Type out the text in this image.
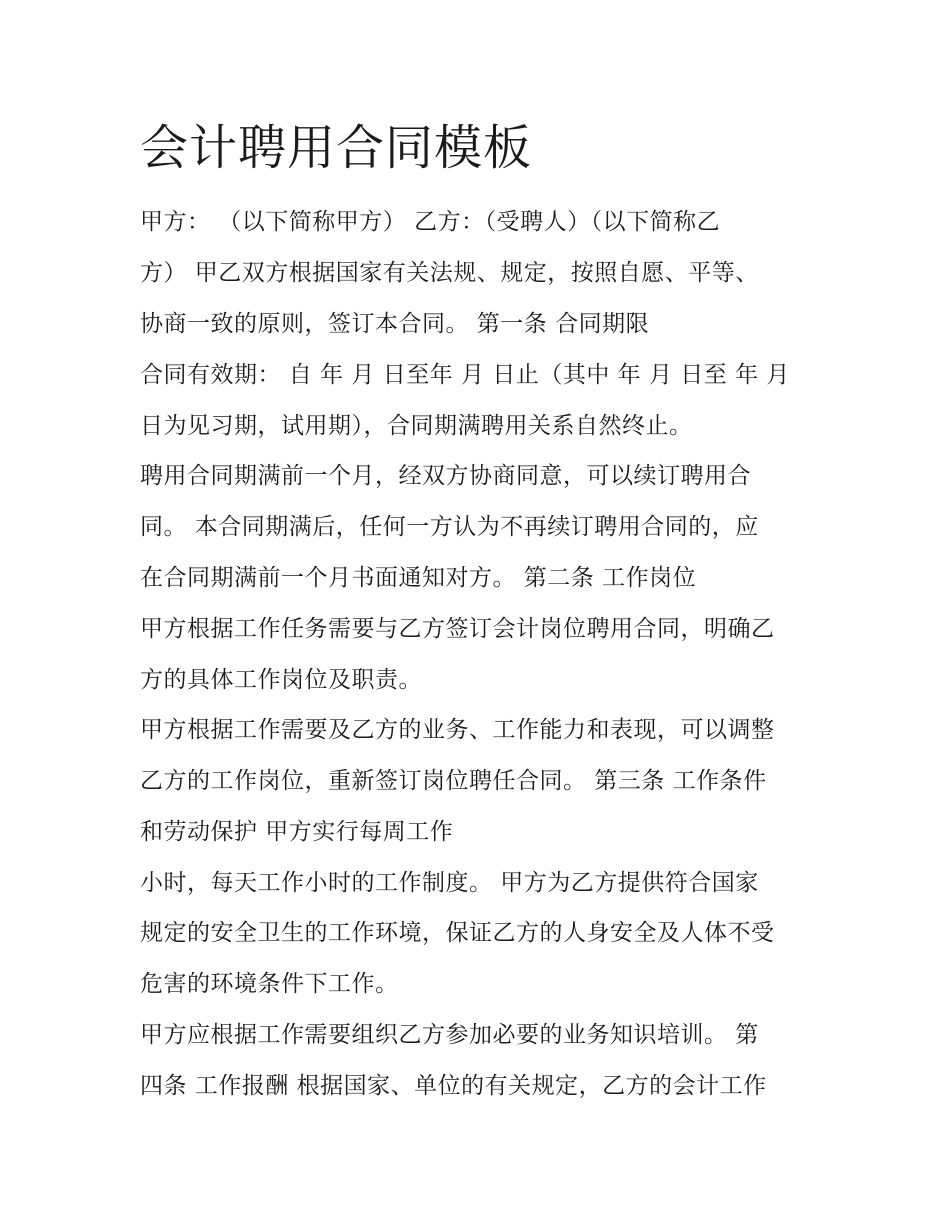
会计聘用合同模板
甲方： （以下简称甲方） 乙方：（受聘人）（以下简称乙
方） 甲乙双方根据国家有关法规、规定，按照自愿、平等、
协商一致的原则，签订本合同。 第一条 合同期限
合同有效期： 自 年 月 日至年 月 日止（其中 年 月 日至 年 月
日为见习期，试用期），合同期满聘用关系自然终止。
聘用合同期满前一个月，经双方协商同意，可以续订聘用合
同。 本合同期满后，任何一方认为不再续订聘用合同的，应
在合同期满前一个月书面通知对方。 第二条 工作岗位
甲方根据工作任务需要与乙方签订会计岗位聘用合同，明确乙
方的具体工作岗位及职责。
甲方根据工作需要及乙方的业务、工作能力和表现，可以调整
乙方的工作岗位，重新签订岗位聘任合同。 第三条 工作条件
和劳动保护 甲方实行每周工作
小时，每天工作小时的工作制度。 甲方为乙方提供符合国家
规定的安全卫生的工作环境，保证乙方的人身安全及人体不受
危害的环境条件下工作。
甲方应根据工作需要组织乙方参加必要的业务知识培训。 第
四条 工作报酬 根据国家、单位的有关规定，乙方的会计工作
